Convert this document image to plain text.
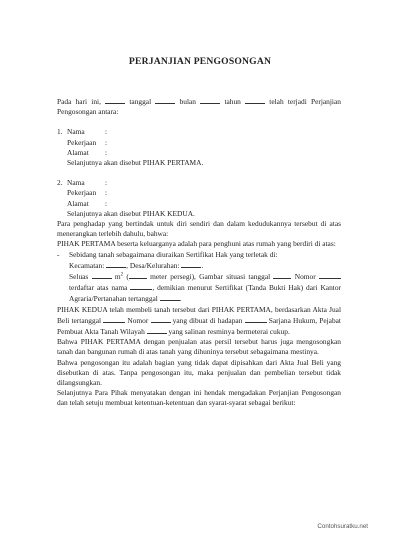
PERJANJIAN PENGOSONGAN

Pada hari ini,	tanggal	bulan	tahun	telah terjadi Perjanjian Pengosongan antara:

1. Nama	:
Pekerjaan	:
Alamat	:

Selanjutnya akan disebut PIHAK PERTAMA.

2. Nama	:
Pekerjaan	:
Alamat	:

Selanjutnya akan disebut PIHAK KEDUA.

Para penghadap yang bertindak untuk diri sendiri dan dalam kedudukannya tersebut di atas menerangkan terlebih dahulu, bahwa:

PIHAK PERTAMA beserta keluarganya adalah para penghuni atas rumah yang berdiri di atas:

-	Sebidang tanah sebagaimana diuraikan Sertifikat Hak yang terletak di:
Kecamatan:	, Desa/Kelurahan:	.

Seluas	$m^2$ (	meter persegi), Gambar situasi tanggal	Nomor  terdaftar atas nama	, demikian menurut Sertifikat (Tanda Bukti Hak) dari Kantor Agraria/Pertanahan tertanggal	.

PIHAK KEDUA telah membeli tanah tersebut dari PIHAK PERTAMA, berdasarkan Akta Jual Beli tertanggal	Nomor	yang dibuat di hadapan	Sarjana Hukum, Pejabat Pembuat Akta Tanah Wilayah	yang salinan resminya bermeterai cukup.

Bahwa PIHAK PERTAMA dengan penjualan atas persil tersebut harus juga mengosongkan tanah dan bangunan rumah di atas tanah yang dihuninya tersebut sebagaimana mestinya.

Bahwa pengosongan itu adalah bagian yang tidak dapat dipisahkan dari Akta Jual Beli yang disebutkan di atas. Tanpa pengosongan itu, maka penjualan dan pembelian tersebut tidak dilangsungkan.

Selanjutnya Para Pihak menyatakan dengan ini hendak mengadakan Perjanjian Pengosongan dan telah setuju membuat ketentuan-ketentuan dan syarat-syarat sebagai berikut:

Contohsuratku.net
